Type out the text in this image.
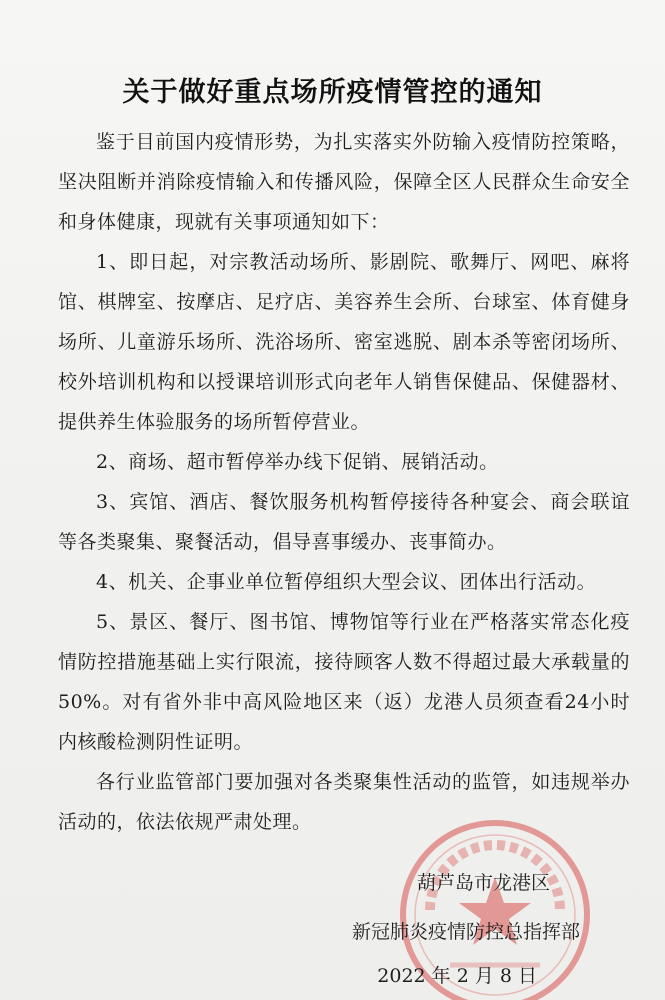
关于做好重点场所疫情管控的通知

鉴于目前国内疫情形势，为扎实落实外防输入疫情防控策略，坚决阻断并消除疫情输入和传播风险，保障全区人民群众生命安全和身体健康，现就有关事项通知如下：

1、即日起，对宗教活动场所、影剧院、歌舞厅、网吧、麻将馆、棋牌室、按摩店、足疗店、美容养生会所、台球室、体育健身场所、儿童游乐场所、洗浴场所、密室逃脱、剧本杀等密闭场所、校外培训机构和以授课培训形式向老年人销售保健品、保健器材、提供养生体验服务的场所暂停营业。

2、商场、超市暂停举办线下促销、展销活动。

3、宾馆、酒店、餐饮服务机构暂停接待各种宴会、商会联谊等各类聚集、聚餐活动，倡导喜事缓办、丧事简办。

4、机关、企事业单位暂停组织大型会议、团体出行活动。

5、景区、餐厅、图书馆、博物馆等行业在严格落实常态化疫情防控措施基础上实行限流，接待顾客人数不得超过最大承载量的50%。对有省外非中高风险地区来（返）龙港人员须查看24小时内核酸检测阴性证明。

各行业监管部门要加强对各类聚集性活动的监管，如违规举办活动的，依法依规严肃处理。

葫芦岛市龙港区
新冠肺炎疫情防控总指挥部
2022 年 2 月 8 日
